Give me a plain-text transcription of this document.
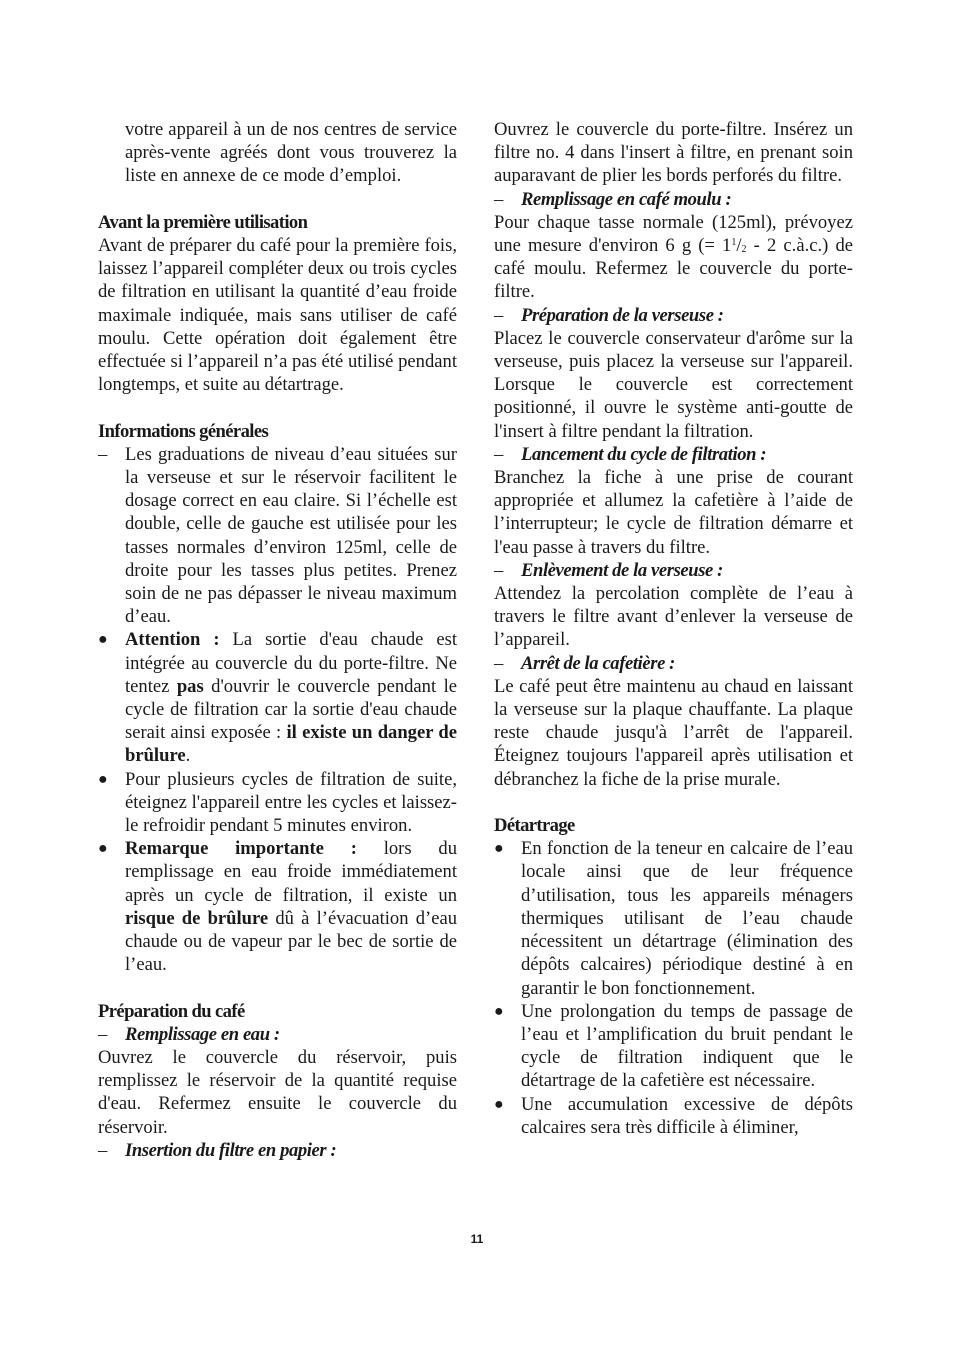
votre appareil à un de nos centres de service après-vente agréés dont vous trouverez la liste en annexe de ce mode d’emploi.

Avant la première utilisation

Avant de préparer du café pour la première fois, laissez l’appareil compléter deux ou trois cycles de filtration en utilisant la quantité d’eau froide maximale indiquée, mais sans utiliser de café moulu. Cette opération doit également être effectuée si l’appareil n’a pas été utilisé pendant longtemps, et suite au détartrage.

Informations générales

– Les graduations de niveau d’eau situées sur la verseuse et sur le réservoir facilitent le dosage correct en eau claire. Si l’échelle est double, celle de gauche est utilisée pour les tasses normales d’environ 125ml, celle de droite pour les tasses plus petites. Prenez soin de ne pas dépasser le niveau maximum d’eau.
● Attention : La sortie d'eau chaude est intégrée au couvercle du du porte-filtre. Ne tentez pas d'ouvrir le couvercle pendant le cycle de filtration car la sortie d'eau chaude serait ainsi exposée : il existe un danger de brûlure.
● Pour plusieurs cycles de filtration de suite, éteignez l'appareil entre les cycles et laissez-le refroidir pendant 5 minutes environ.
● Remarque importante : lors du remplissage en eau froide immédiatement après un cycle de filtration, il existe un risque de brûlure dû à l’évacuation d’eau chaude ou de vapeur par le bec de sortie de l’eau.

Préparation du café

– Remplissage en eau :

Ouvrez le couvercle du réservoir, puis remplissez le réservoir de la quantité requise d'eau. Refermez ensuite le couvercle du réservoir.

– Insertion du filtre en papier :

Ouvrez le couvercle du porte-filtre. Insérez un filtre no. 4 dans l'insert à filtre, en prenant soin auparavant de plier les bords perforés du filtre.

– Remplissage en café moulu :

Pour chaque tasse normale (125ml), prévoyez une mesure d'environ 6 g (= $1^1/_2 - 2$ c.à.c.) de café moulu. Refermez le couvercle du porte-filtre.

– Préparation de la verseuse :

Placez le couvercle conservateur d'arôme sur la verseuse, puis placez la verseuse sur l'appareil. Lorsque le couvercle est correctement positionné, il ouvre le système anti-goutte de l'insert à filtre pendant la filtration.

– Lancement du cycle de filtration :

Branchez la fiche à une prise de courant appropriée et allumez la cafetière à l’aide de l’interrupteur; le cycle de filtration démarre et l'eau passe à travers du filtre.

– Enlèvement de la verseuse :

Attendez la percolation complète de l’eau à travers le filtre avant d’enlever la verseuse de l’appareil.

– Arrêt de la cafetière :

Le café peut être maintenu au chaud en laissant la verseuse sur la plaque chauffante. La plaque reste chaude jusqu'à l’arrêt de l'appareil. Éteignez toujours l'appareil après utilisation et débranchez la fiche de la prise murale.

Détartrage

● En fonction de la teneur en calcaire de l’eau locale ainsi que de leur fréquence d’utilisation, tous les appareils ménagers thermiques utilisant de l’eau chaude nécessitent un détartrage (élimination des dépôts calcaires) périodique destiné à en garantir le bon fonctionnement.
● Une prolongation du temps de passage de l’eau et l’amplification du bruit pendant le cycle de filtration indiquent que le détartrage de la cafetière est nécessaire.
● Une accumulation excessive de dépôts calcaires sera très difficile à éliminer,
11
